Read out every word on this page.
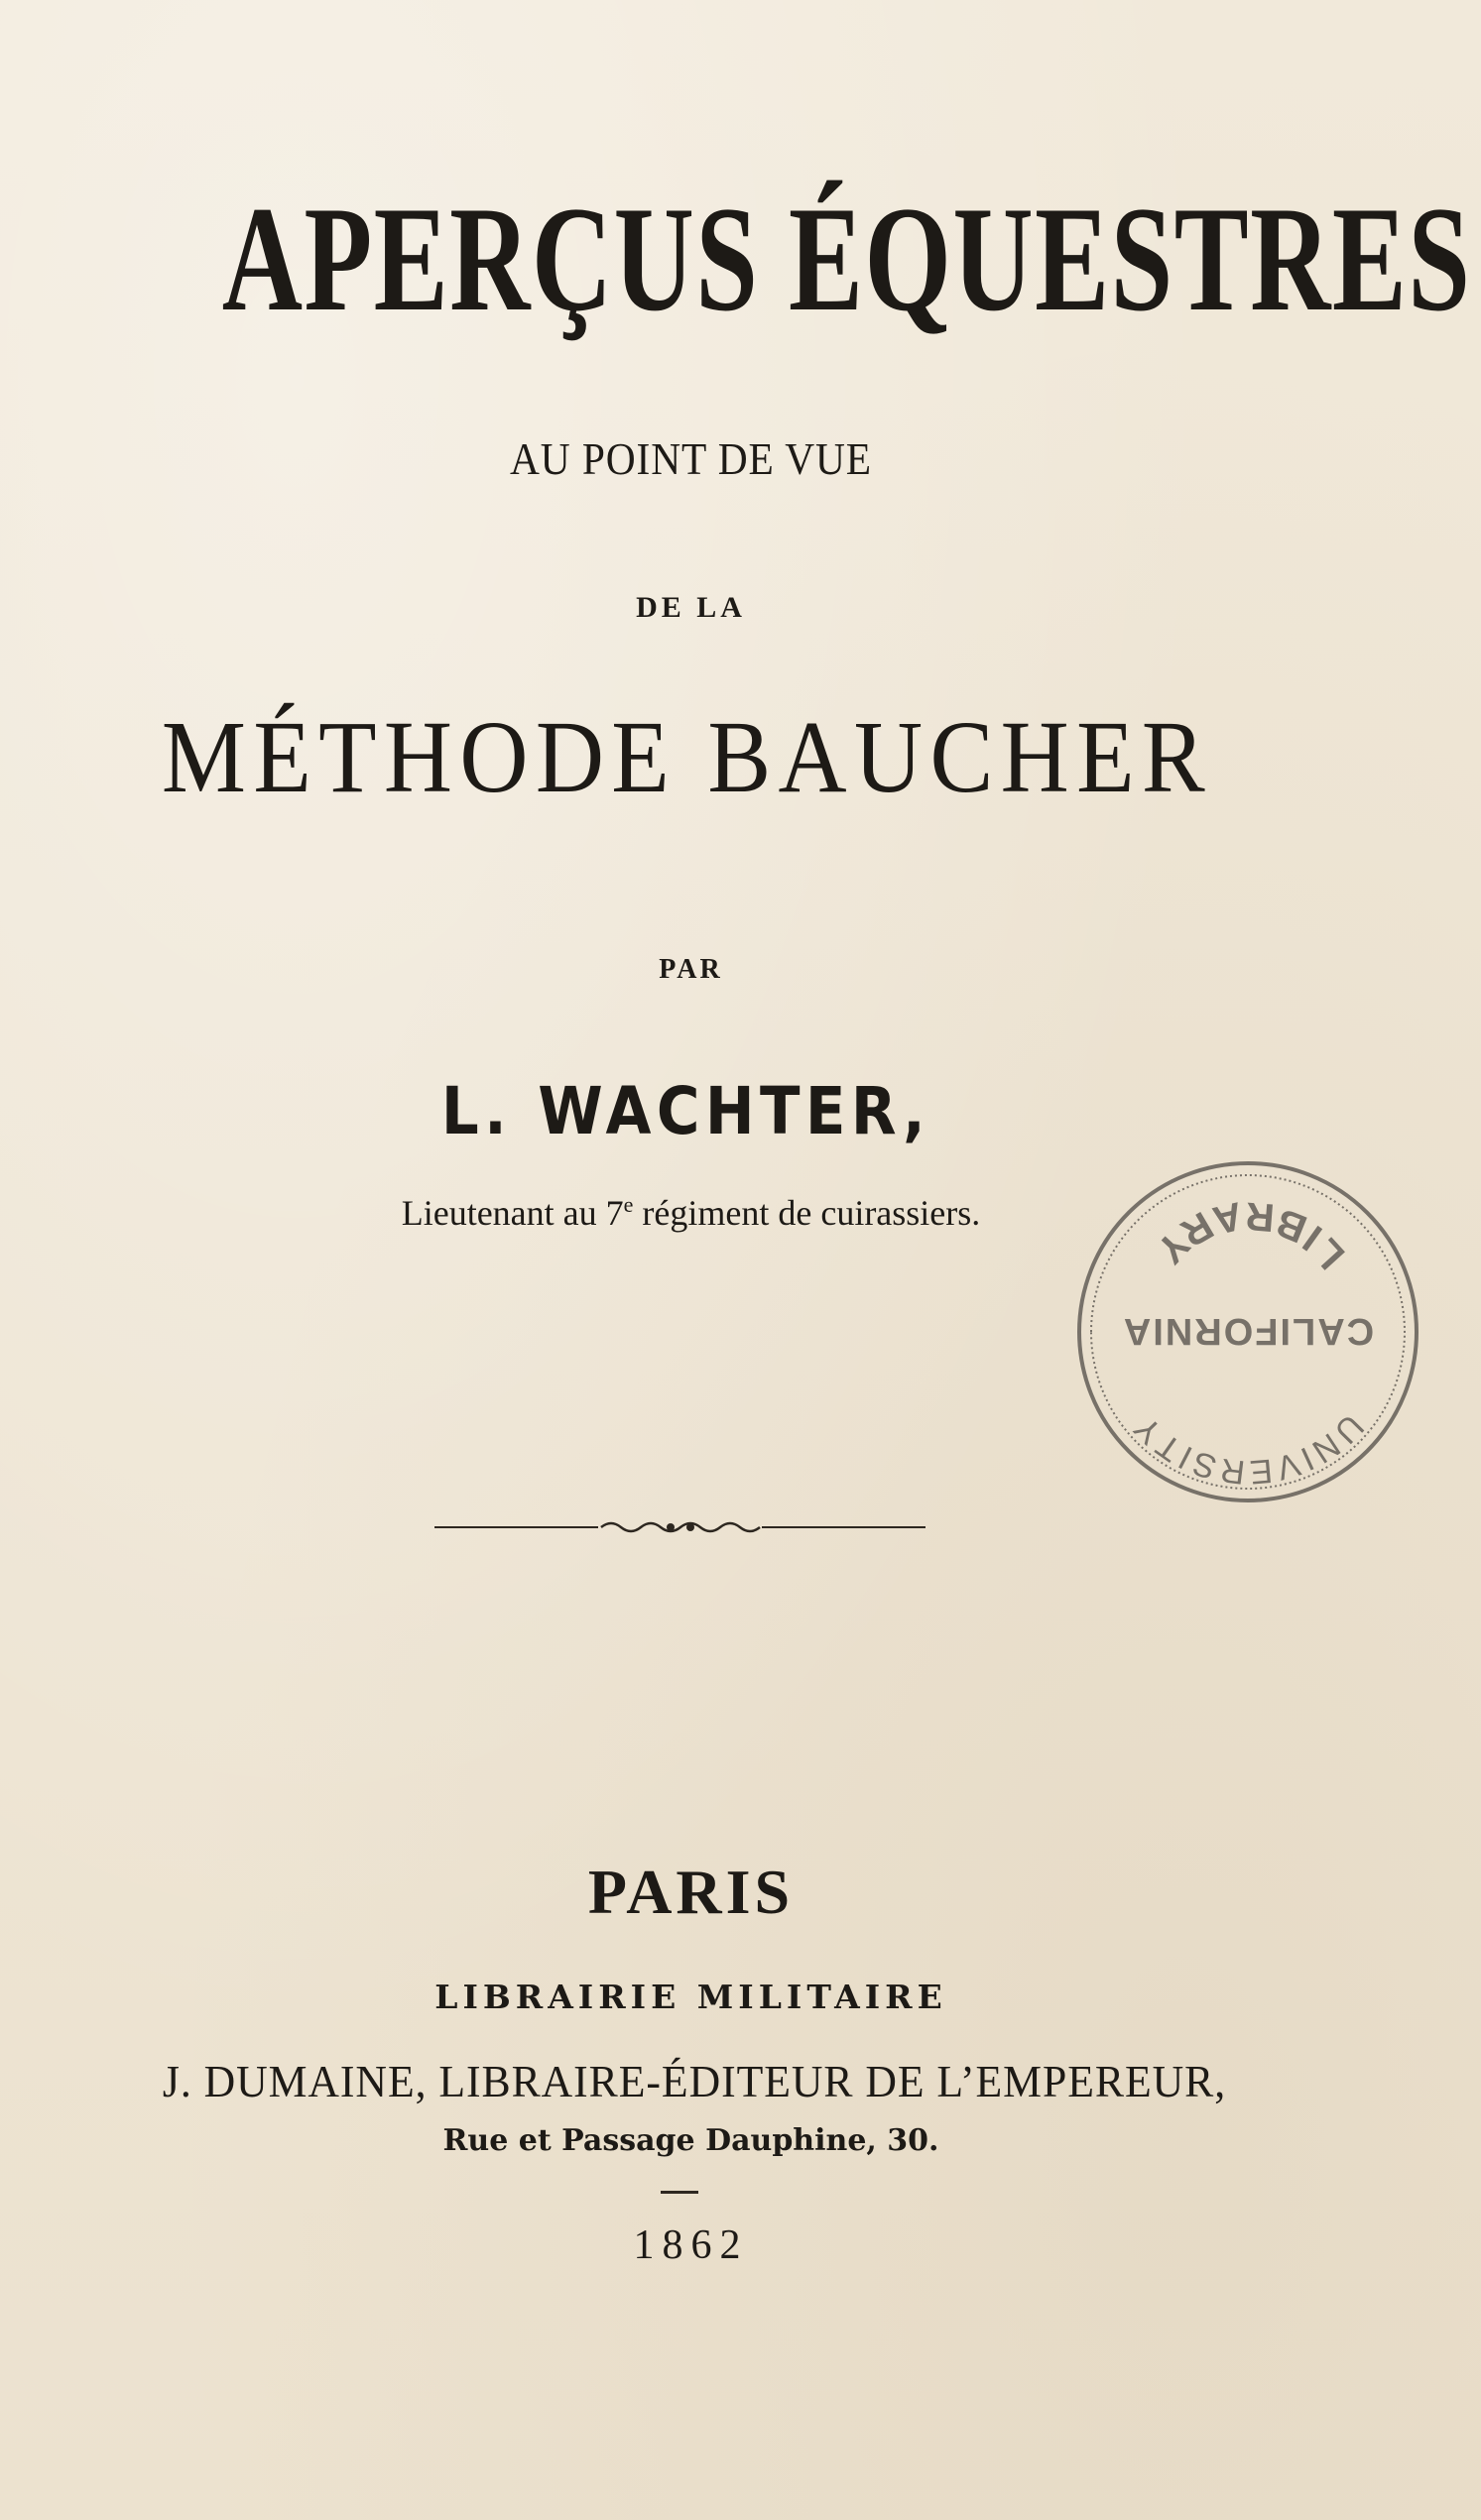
APERÇUS ÉQUESTRES
AU POINT DE VUE
DE LA
MÉTHODE BAUCHER
PAR
L. WACHTER,
Lieutenant au 7e régiment de cuirassiers.
PARIS
LIBRAIRIE MILITAIRE
J. DUMAINE, LIBRAIRE-ÉDITEUR DE L’EMPEREUR,
Rue et Passage Dauphine, 30.
1862
UNIVERSITY
CALIFORNIA
LIBRARY
